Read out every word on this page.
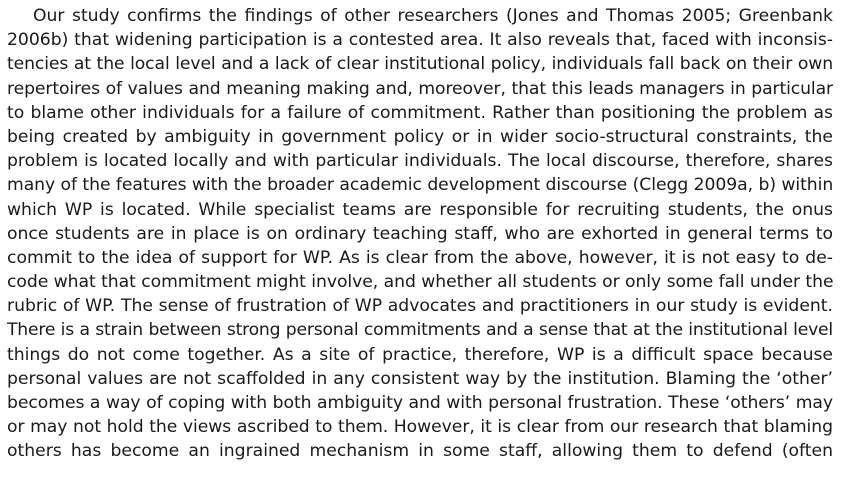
Our study confirms the findings of other researchers (Jones and Thomas 2005; Greenbank
2006b) that widening participation is a contested area. It also reveals that, faced with inconsis-
tencies at the local level and a lack of clear institutional policy, individuals fall back on their own
repertoires of values and meaning making and, moreover, that this leads managers in particular
to blame other individuals for a failure of commitment. Rather than positioning the problem as
being created by ambiguity in government policy or in wider socio-structural constraints, the
problem is located locally and with particular individuals. The local discourse, therefore, shares
many of the features with the broader academic development discourse (Clegg 2009a, b) within
which WP is located. While specialist teams are responsible for recruiting students, the onus
once students are in place is on ordinary teaching staff, who are exhorted in general terms to
commit to the idea of support for WP. As is clear from the above, however, it is not easy to de-
code what that commitment might involve, and whether all students or only some fall under the
rubric of WP. The sense of frustration of WP advocates and practitioners in our study is evident.
There is a strain between strong personal commitments and a sense that at the institutional level
things do not come together. As a site of practice, therefore, WP is a difficult space because
personal values are not scaffolded in any consistent way by the institution. Blaming the ‘other’
becomes a way of coping with both ambiguity and with personal frustration. These ‘others’ may
or may not hold the views ascribed to them. However, it is clear from our research that blaming
others has become an ingrained mechanism in some staff, allowing them to defend (often
